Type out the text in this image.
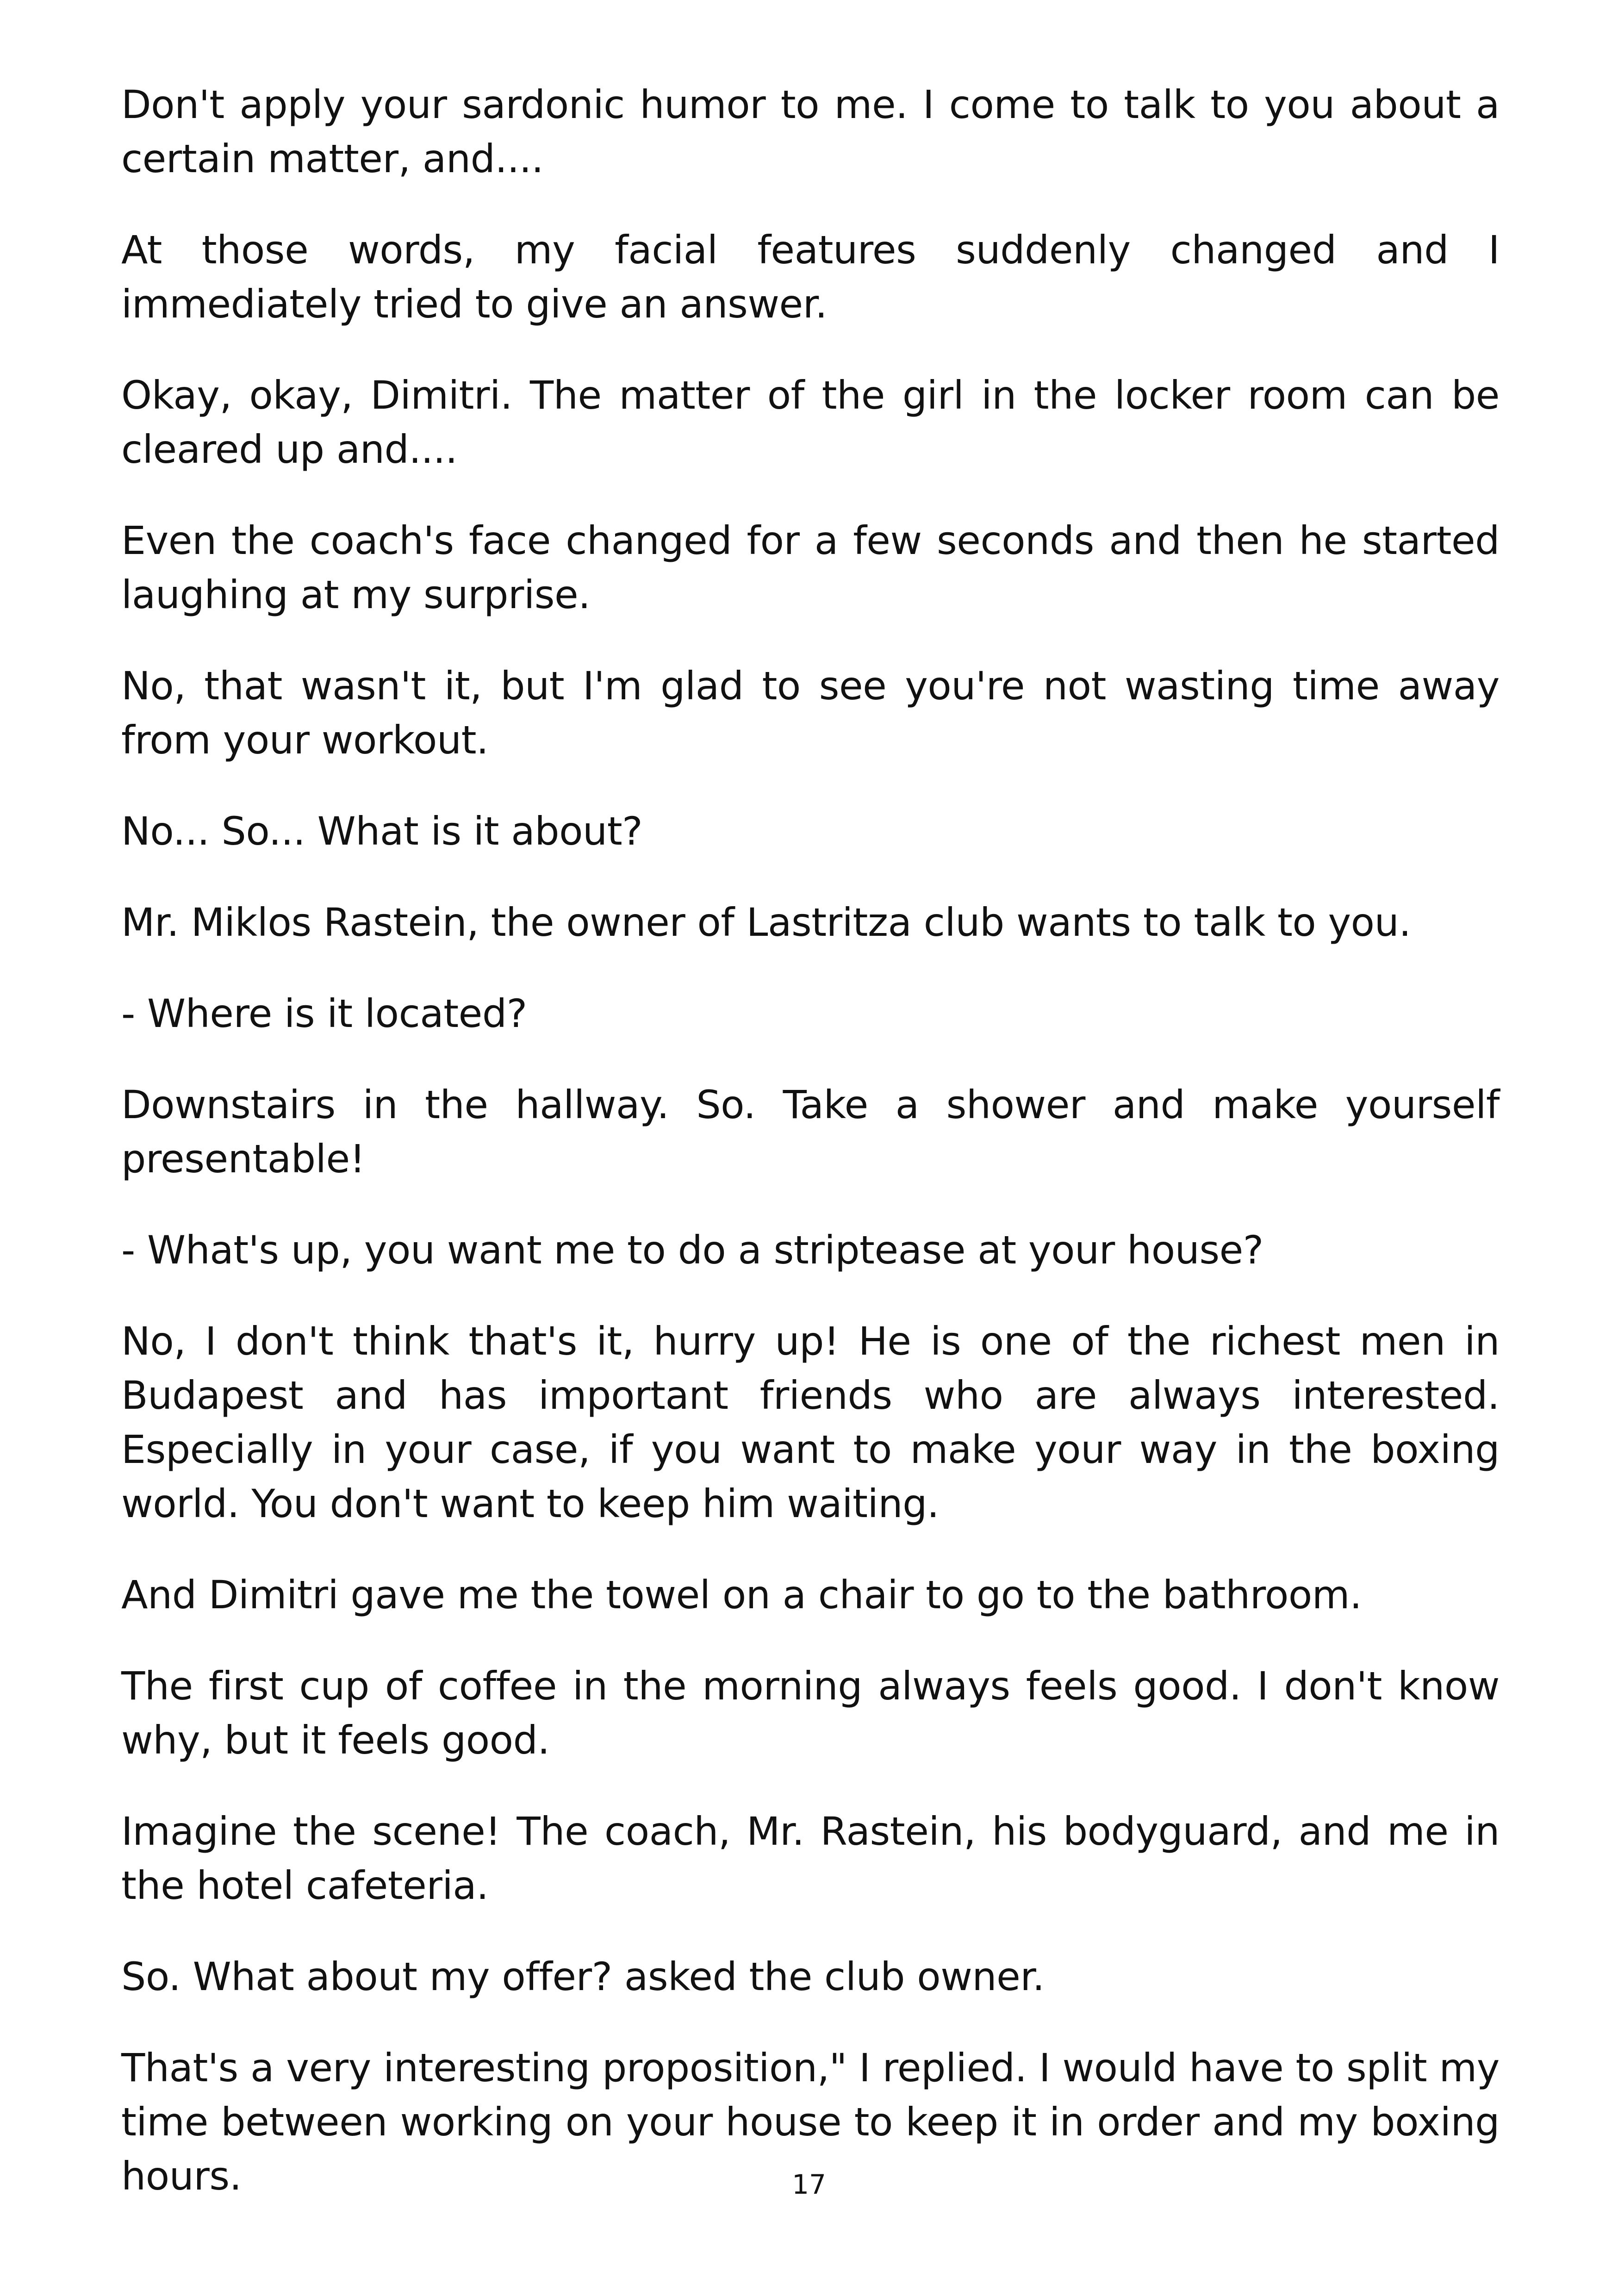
Don't apply your sardonic humor to me. I come to talk to you about a certain matter, and....

At those words, my facial features suddenly changed and I immediately tried to give an answer.

Okay, okay, Dimitri. The matter of the girl in the locker room can be cleared up and....

Even the coach's face changed for a few seconds and then he started laughing at my surprise.

No, that wasn't it, but I'm glad to see you're not wasting time away from your workout.

No... So... What is it about?

Mr. Miklos Rastein, the owner of Lastritza club wants to talk to you.

- Where is it located?

Downstairs in the hallway. So. Take a shower and make yourself presentable!

- What's up, you want me to do a striptease at your house?

No, I don't think that's it, hurry up! He is one of the richest men in Budapest and has important friends who are always interested. Especially in your case, if you want to make your way in the boxing world. You don't want to keep him waiting.

And Dimitri gave me the towel on a chair to go to the bathroom.

The first cup of coffee in the morning always feels good. I don't know why, but it feels good.

Imagine the scene! The coach, Mr. Rastein, his bodyguard, and me in the hotel cafeteria.

So. What about my offer? asked the club owner.

That's a very interesting proposition," I replied. I would have to split my time between working on your house to keep it in order and my boxing hours.	17
